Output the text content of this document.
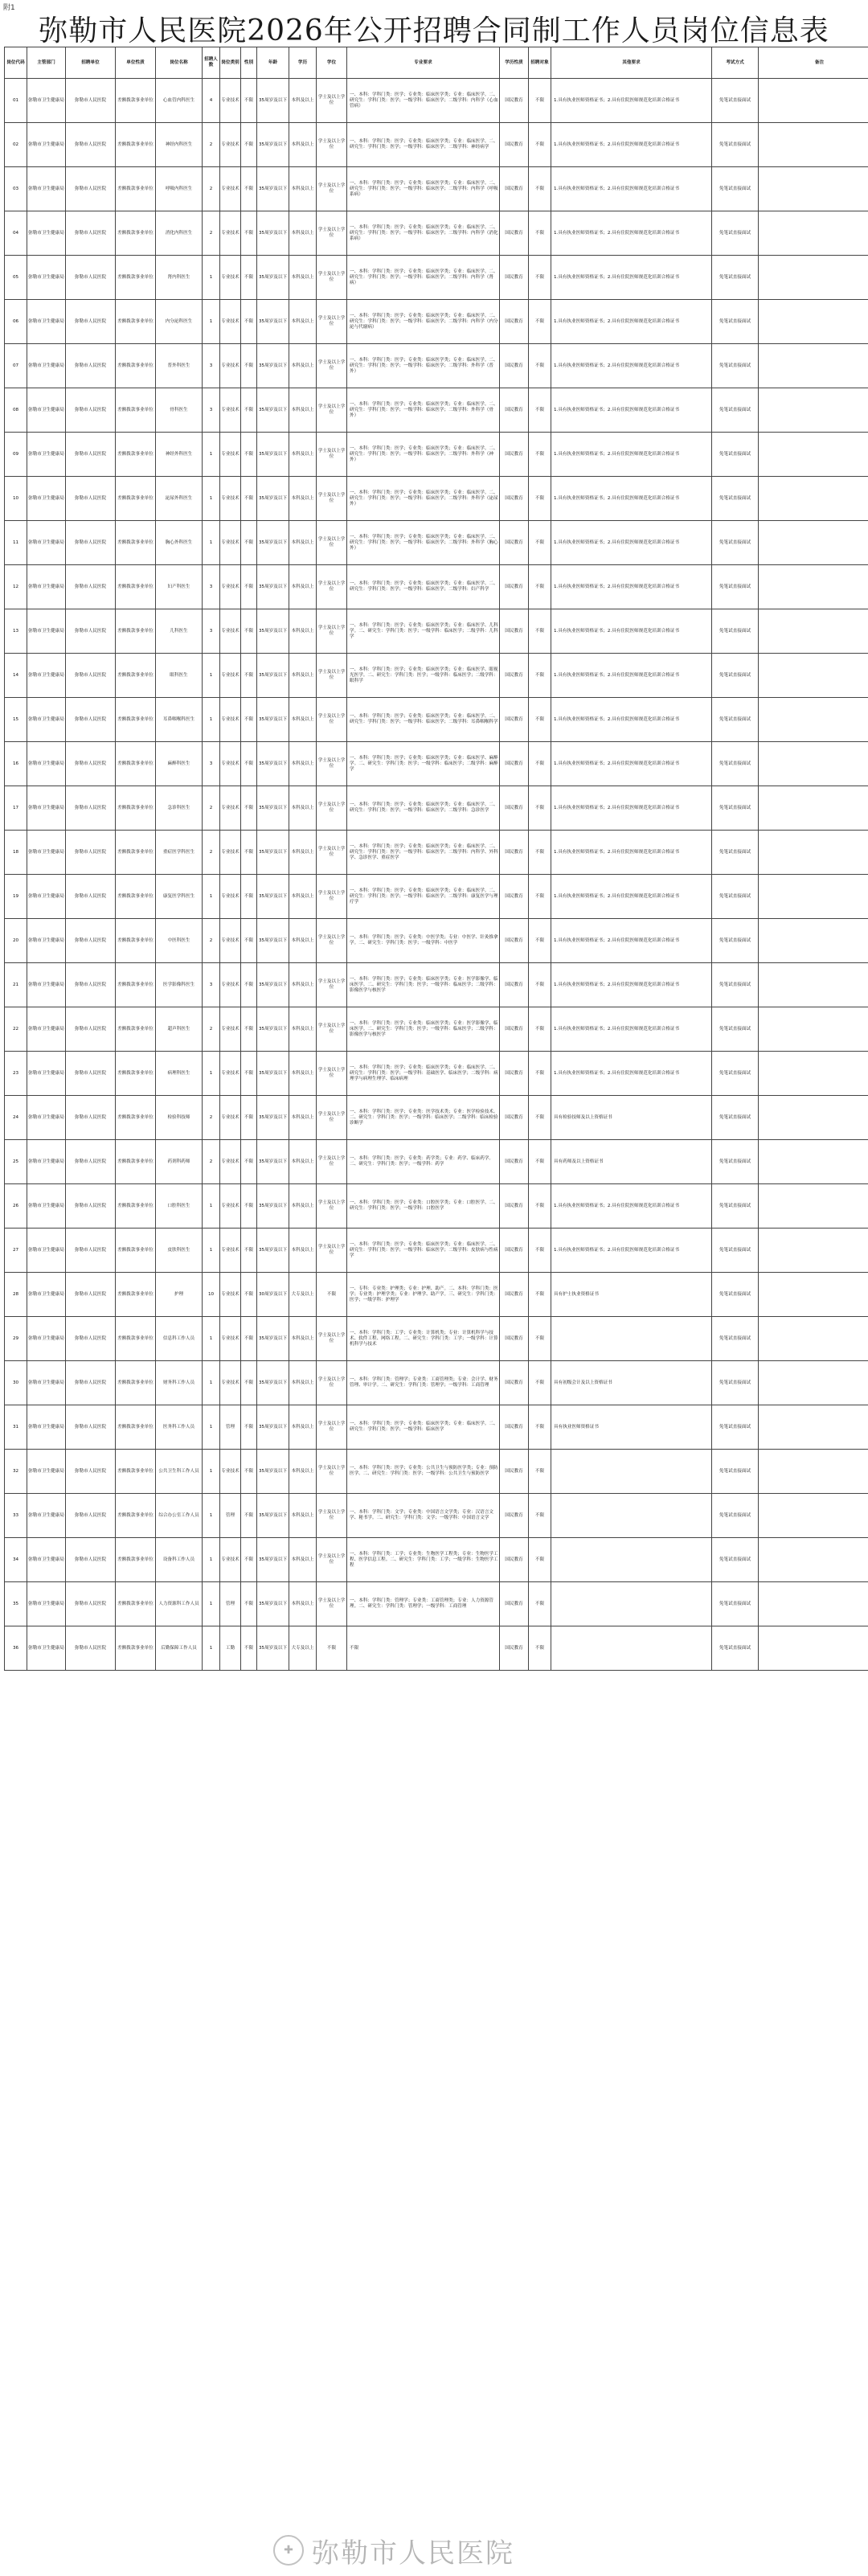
附1
弥勒市人民医院2026年公开招聘合同制工作人员岗位信息表
岗位代码	主管部门	招聘单位	单位性质	岗位名称	招聘人数	岗位类别	性别	年龄	学历	学位	专业要求	学历性质	招聘对象	其他要求	考试方式	备注
01	弥勒市卫生健康局	弥勒市人民医院	差额拨款事业单位	心血管内科医生	4	专业技术	不限	35周岁及以下	本科及以上	学士及以上学位	一、本科：学科门类：医学；专业类：临床医学类；专业：临床医学。二、研究生：学科门类：医学；一级学科：临床医学；二级学科：内科学（心血管病）	国民教育	不限	1.具有执业医师资格证书；2.具有住院医师规范化培训合格证书	免笔试直接面试	
02	弥勒市卫生健康局	弥勒市人民医院	差额拨款事业单位	神经内科医生	2	专业技术	不限	35周岁及以下	本科及以上	学士及以上学位	一、本科：学科门类：医学；专业类：临床医学类；专业：临床医学。二、研究生：学科门类：医学；一级学科：临床医学；二级学科：神经病学	国民教育	不限	1.具有执业医师资格证书；2.具有住院医师规范化培训合格证书	免笔试直接面试	
03	弥勒市卫生健康局	弥勒市人民医院	差额拨款事业单位	呼吸内科医生	2	专业技术	不限	35周岁及以下	本科及以上	学士及以上学位	一、本科：学科门类：医学；专业类：临床医学类；专业：临床医学。二、研究生：学科门类：医学；一级学科：临床医学；二级学科：内科学（呼吸系病）	国民教育	不限	1.具有执业医师资格证书；2.具有住院医师规范化培训合格证书	免笔试直接面试	
04	弥勒市卫生健康局	弥勒市人民医院	差额拨款事业单位	消化内科医生	2	专业技术	不限	35周岁及以下	本科及以上	学士及以上学位	一、本科：学科门类：医学；专业类：临床医学类；专业：临床医学。二、研究生：学科门类：医学；一级学科：临床医学；二级学科：内科学（消化系病）	国民教育	不限	1.具有执业医师资格证书；2.具有住院医师规范化培训合格证书	免笔试直接面试	
05	弥勒市卫生健康局	弥勒市人民医院	差额拨款事业单位	肾内科医生	1	专业技术	不限	35周岁及以下	本科及以上	学士及以上学位	一、本科：学科门类：医学；专业类：临床医学类；专业：临床医学。二、研究生：学科门类：医学；一级学科：临床医学；二级学科：内科学（肾病）	国民教育	不限	1.具有执业医师资格证书；2.具有住院医师规范化培训合格证书	免笔试直接面试	
06	弥勒市卫生健康局	弥勒市人民医院	差额拨款事业单位	内分泌科医生	1	专业技术	不限	35周岁及以下	本科及以上	学士及以上学位	一、本科：学科门类：医学；专业类：临床医学类；专业：临床医学。二、研究生：学科门类：医学；一级学科：临床医学；二级学科：内科学（内分泌与代谢病）	国民教育	不限	1.具有执业医师资格证书；2.具有住院医师规范化培训合格证书	免笔试直接面试	
07	弥勒市卫生健康局	弥勒市人民医院	差额拨款事业单位	普外科医生	3	专业技术	不限	35周岁及以下	本科及以上	学士及以上学位	一、本科：学科门类：医学；专业类：临床医学类；专业：临床医学。二、研究生：学科门类：医学；一级学科：临床医学；二级学科：外科学（普外）	国民教育	不限	1.具有执业医师资格证书；2.具有住院医师规范化培训合格证书	免笔试直接面试	
08	弥勒市卫生健康局	弥勒市人民医院	差额拨款事业单位	骨科医生	3	专业技术	不限	35周岁及以下	本科及以上	学士及以上学位	一、本科：学科门类：医学；专业类：临床医学类；专业：临床医学。二、研究生：学科门类：医学；一级学科：临床医学；二级学科：外科学（骨外）	国民教育	不限	1.具有执业医师资格证书；2.具有住院医师规范化培训合格证书	免笔试直接面试	
09	弥勒市卫生健康局	弥勒市人民医院	差额拨款事业单位	神经外科医生	1	专业技术	不限	35周岁及以下	本科及以上	学士及以上学位	一、本科：学科门类：医学；专业类：临床医学类；专业：临床医学。二、研究生：学科门类：医学；一级学科：临床医学；二级学科：外科学（神外）	国民教育	不限	1.具有执业医师资格证书；2.具有住院医师规范化培训合格证书	免笔试直接面试	
10	弥勒市卫生健康局	弥勒市人民医院	差额拨款事业单位	泌尿外科医生	1	专业技术	不限	35周岁及以下	本科及以上	学士及以上学位	一、本科：学科门类：医学；专业类：临床医学类；专业：临床医学。二、研究生：学科门类：医学；一级学科：临床医学；二级学科：外科学（泌尿外）	国民教育	不限	1.具有执业医师资格证书；2.具有住院医师规范化培训合格证书	免笔试直接面试	
11	弥勒市卫生健康局	弥勒市人民医院	差额拨款事业单位	胸心外科医生	1	专业技术	不限	35周岁及以下	本科及以上	学士及以上学位	一、本科：学科门类：医学；专业类：临床医学类；专业：临床医学。二、研究生：学科门类：医学；一级学科：临床医学；二级学科：外科学（胸心外）	国民教育	不限	1.具有执业医师资格证书；2.具有住院医师规范化培训合格证书	免笔试直接面试	
12	弥勒市卫生健康局	弥勒市人民医院	差额拨款事业单位	妇产科医生	3	专业技术	不限	35周岁及以下	本科及以上	学士及以上学位	一、本科：学科门类：医学；专业类：临床医学类；专业：临床医学。二、研究生：学科门类：医学；一级学科：临床医学；二级学科：妇产科学	国民教育	不限	1.具有执业医师资格证书；2.具有住院医师规范化培训合格证书	免笔试直接面试	
13	弥勒市卫生健康局	弥勒市人民医院	差额拨款事业单位	儿科医生	3	专业技术	不限	35周岁及以下	本科及以上	学士及以上学位	一、本科：学科门类：医学；专业类：临床医学类；专业：临床医学、儿科学。二、研究生：学科门类：医学；一级学科：临床医学；二级学科：儿科学	国民教育	不限	1.具有执业医师资格证书；2.具有住院医师规范化培训合格证书	免笔试直接面试	
14	弥勒市卫生健康局	弥勒市人民医院	差额拨款事业单位	眼科医生	1	专业技术	不限	35周岁及以下	本科及以上	学士及以上学位	一、本科：学科门类：医学；专业类：临床医学类；专业：临床医学、眼视光医学。二、研究生：学科门类：医学；一级学科：临床医学；二级学科：眼科学	国民教育	不限	1.具有执业医师资格证书；2.具有住院医师规范化培训合格证书	免笔试直接面试	
15	弥勒市卫生健康局	弥勒市人民医院	差额拨款事业单位	耳鼻咽喉科医生	1	专业技术	不限	35周岁及以下	本科及以上	学士及以上学位	一、本科：学科门类：医学；专业类：临床医学类；专业：临床医学。二、研究生：学科门类：医学；一级学科：临床医学；二级学科：耳鼻咽喉科学	国民教育	不限	1.具有执业医师资格证书；2.具有住院医师规范化培训合格证书	免笔试直接面试	
16	弥勒市卫生健康局	弥勒市人民医院	差额拨款事业单位	麻醉科医生	3	专业技术	不限	35周岁及以下	本科及以上	学士及以上学位	一、本科：学科门类：医学；专业类：临床医学类；专业：临床医学、麻醉学。二、研究生：学科门类：医学；一级学科：临床医学；二级学科：麻醉学	国民教育	不限	1.具有执业医师资格证书；2.具有住院医师规范化培训合格证书	免笔试直接面试	
17	弥勒市卫生健康局	弥勒市人民医院	差额拨款事业单位	急诊科医生	2	专业技术	不限	35周岁及以下	本科及以上	学士及以上学位	一、本科：学科门类：医学；专业类：临床医学类；专业：临床医学。二、研究生：学科门类：医学；一级学科：临床医学；二级学科：急诊医学	国民教育	不限	1.具有执业医师资格证书；2.具有住院医师规范化培训合格证书	免笔试直接面试	
18	弥勒市卫生健康局	弥勒市人民医院	差额拨款事业单位	重症医学科医生	2	专业技术	不限	35周岁及以下	本科及以上	学士及以上学位	一、本科：学科门类：医学；专业类：临床医学类；专业：临床医学。二、研究生：学科门类：医学；一级学科：临床医学；二级学科：内科学、外科学、急诊医学、重症医学	国民教育	不限	1.具有执业医师资格证书；2.具有住院医师规范化培训合格证书	免笔试直接面试	
19	弥勒市卫生健康局	弥勒市人民医院	差额拨款事业单位	康复医学科医生	1	专业技术	不限	35周岁及以下	本科及以上	学士及以上学位	一、本科：学科门类：医学；专业类：临床医学类；专业：临床医学。二、研究生：学科门类：医学；一级学科：临床医学；二级学科：康复医学与理疗学	国民教育	不限	1.具有执业医师资格证书；2.具有住院医师规范化培训合格证书	免笔试直接面试	
20	弥勒市卫生健康局	弥勒市人民医院	差额拨款事业单位	中医科医生	2	专业技术	不限	35周岁及以下	本科及以上	学士及以上学位	一、本科：学科门类：医学；专业类：中医学类；专业：中医学、针灸推拿学。二、研究生：学科门类：医学；一级学科：中医学	国民教育	不限	1.具有执业医师资格证书；2.具有住院医师规范化培训合格证书	免笔试直接面试	
21	弥勒市卫生健康局	弥勒市人民医院	差额拨款事业单位	医学影像科医生	3	专业技术	不限	35周岁及以下	本科及以上	学士及以上学位	一、本科：学科门类：医学；专业类：临床医学类；专业：医学影像学、临床医学。二、研究生：学科门类：医学；一级学科：临床医学；二级学科：影像医学与核医学	国民教育	不限	1.具有执业医师资格证书；2.具有住院医师规范化培训合格证书	免笔试直接面试	
22	弥勒市卫生健康局	弥勒市人民医院	差额拨款事业单位	超声科医生	2	专业技术	不限	35周岁及以下	本科及以上	学士及以上学位	一、本科：学科门类：医学；专业类：临床医学类；专业：医学影像学、临床医学。二、研究生：学科门类：医学；一级学科：临床医学；二级学科：影像医学与核医学	国民教育	不限	1.具有执业医师资格证书；2.具有住院医师规范化培训合格证书	免笔试直接面试	
23	弥勒市卫生健康局	弥勒市人民医院	差额拨款事业单位	病理科医生	1	专业技术	不限	35周岁及以下	本科及以上	学士及以上学位	一、本科：学科门类：医学；专业类：临床医学类；专业：临床医学。二、研究生：学科门类：医学；一级学科：基础医学、临床医学；二级学科：病理学与病理生理学、临床病理	国民教育	不限	1.具有执业医师资格证书；2.具有住院医师规范化培训合格证书	免笔试直接面试	
24	弥勒市卫生健康局	弥勒市人民医院	差额拨款事业单位	检验科技师	2	专业技术	不限	35周岁及以下	本科及以上	学士及以上学位	一、本科：学科门类：医学；专业类：医学技术类；专业：医学检验技术。二、研究生：学科门类：医学；一级学科：临床医学；二级学科：临床检验诊断学	国民教育	不限	具有检验技师及以上资格证书	免笔试直接面试	
25	弥勒市卫生健康局	弥勒市人民医院	差额拨款事业单位	药剂科药师	2	专业技术	不限	35周岁及以下	本科及以上	学士及以上学位	一、本科：学科门类：医学；专业类：药学类；专业：药学、临床药学。二、研究生：学科门类：医学；一级学科：药学	国民教育	不限	具有药师及以上资格证书	免笔试直接面试	
26	弥勒市卫生健康局	弥勒市人民医院	差额拨款事业单位	口腔科医生	1	专业技术	不限	35周岁及以下	本科及以上	学士及以上学位	一、本科：学科门类：医学；专业类：口腔医学类；专业：口腔医学。二、研究生：学科门类：医学；一级学科：口腔医学	国民教育	不限	1.具有执业医师资格证书；2.具有住院医师规范化培训合格证书	免笔试直接面试	
27	弥勒市卫生健康局	弥勒市人民医院	差额拨款事业单位	皮肤科医生	1	专业技术	不限	35周岁及以下	本科及以上	学士及以上学位	一、本科：学科门类：医学；专业类：临床医学类；专业：临床医学。二、研究生：学科门类：医学；一级学科：临床医学；二级学科：皮肤病与性病学	国民教育	不限	1.具有执业医师资格证书；2.具有住院医师规范化培训合格证书	免笔试直接面试	
28	弥勒市卫生健康局	弥勒市人民医院	差额拨款事业单位	护理	10	专业技术	不限	30周岁及以下	大专及以上	不限	一、专科：专业类：护理类；专业：护理、助产。二、本科：学科门类：医学；专业类：护理学类；专业：护理学、助产学。三、研究生：学科门类：医学；一级学科：护理学	国民教育	不限	具有护士执业资格证书	免笔试直接面试	
29	弥勒市卫生健康局	弥勒市人民医院	差额拨款事业单位	信息科工作人员	1	专业技术	不限	35周岁及以下	本科及以上	学士及以上学位	一、本科：学科门类：工学；专业类：计算机类；专业：计算机科学与技术、软件工程、网络工程。二、研究生：学科门类：工学；一级学科：计算机科学与技术	国民教育	不限		免笔试直接面试	
30	弥勒市卫生健康局	弥勒市人民医院	差额拨款事业单位	财务科工作人员	1	专业技术	不限	35周岁及以下	本科及以上	学士及以上学位	一、本科：学科门类：管理学；专业类：工商管理类；专业：会计学、财务管理、审计学。二、研究生：学科门类：管理学；一级学科：工商管理	国民教育	不限	具有初级会计及以上资格证书	免笔试直接面试	
31	弥勒市卫生健康局	弥勒市人民医院	差额拨款事业单位	医务科工作人员	1	管理	不限	35周岁及以下	本科及以上	学士及以上学位	一、本科：学科门类：医学；专业类：临床医学类；专业：临床医学。二、研究生：学科门类：医学；一级学科：临床医学	国民教育	不限	具有执业医师资格证书	免笔试直接面试	
32	弥勒市卫生健康局	弥勒市人民医院	差额拨款事业单位	公共卫生科工作人员	1	专业技术	不限	35周岁及以下	本科及以上	学士及以上学位	一、本科：学科门类：医学；专业类：公共卫生与预防医学类；专业：预防医学。二、研究生：学科门类：医学；一级学科：公共卫生与预防医学	国民教育	不限		免笔试直接面试	
33	弥勒市卫生健康局	弥勒市人民医院	差额拨款事业单位	综合办公室工作人员	1	管理	不限	35周岁及以下	本科及以上	学士及以上学位	一、本科：学科门类：文学；专业类：中国语言文学类；专业：汉语言文学、秘书学。二、研究生：学科门类：文学；一级学科：中国语言文学	国民教育	不限		免笔试直接面试	
34	弥勒市卫生健康局	弥勒市人民医院	差额拨款事业单位	设备科工作人员	1	专业技术	不限	35周岁及以下	本科及以上	学士及以上学位	一、本科：学科门类：工学；专业类：生物医学工程类；专业：生物医学工程、医学信息工程。二、研究生：学科门类：工学；一级学科：生物医学工程	国民教育	不限		免笔试直接面试	
35	弥勒市卫生健康局	弥勒市人民医院	差额拨款事业单位	人力资源科工作人员	1	管理	不限	35周岁及以下	本科及以上	学士及以上学位	一、本科：学科门类：管理学；专业类：工商管理类；专业：人力资源管理。二、研究生：学科门类：管理学；一级学科：工商管理	国民教育	不限		免笔试直接面试	
36	弥勒市卫生健康局	弥勒市人民医院	差额拨款事业单位	后勤保障工作人员	1	工勤	不限	35周岁及以下	大专及以上	不限	不限	国民教育	不限		免笔试直接面试	
✚ 弥勒市人民医院
